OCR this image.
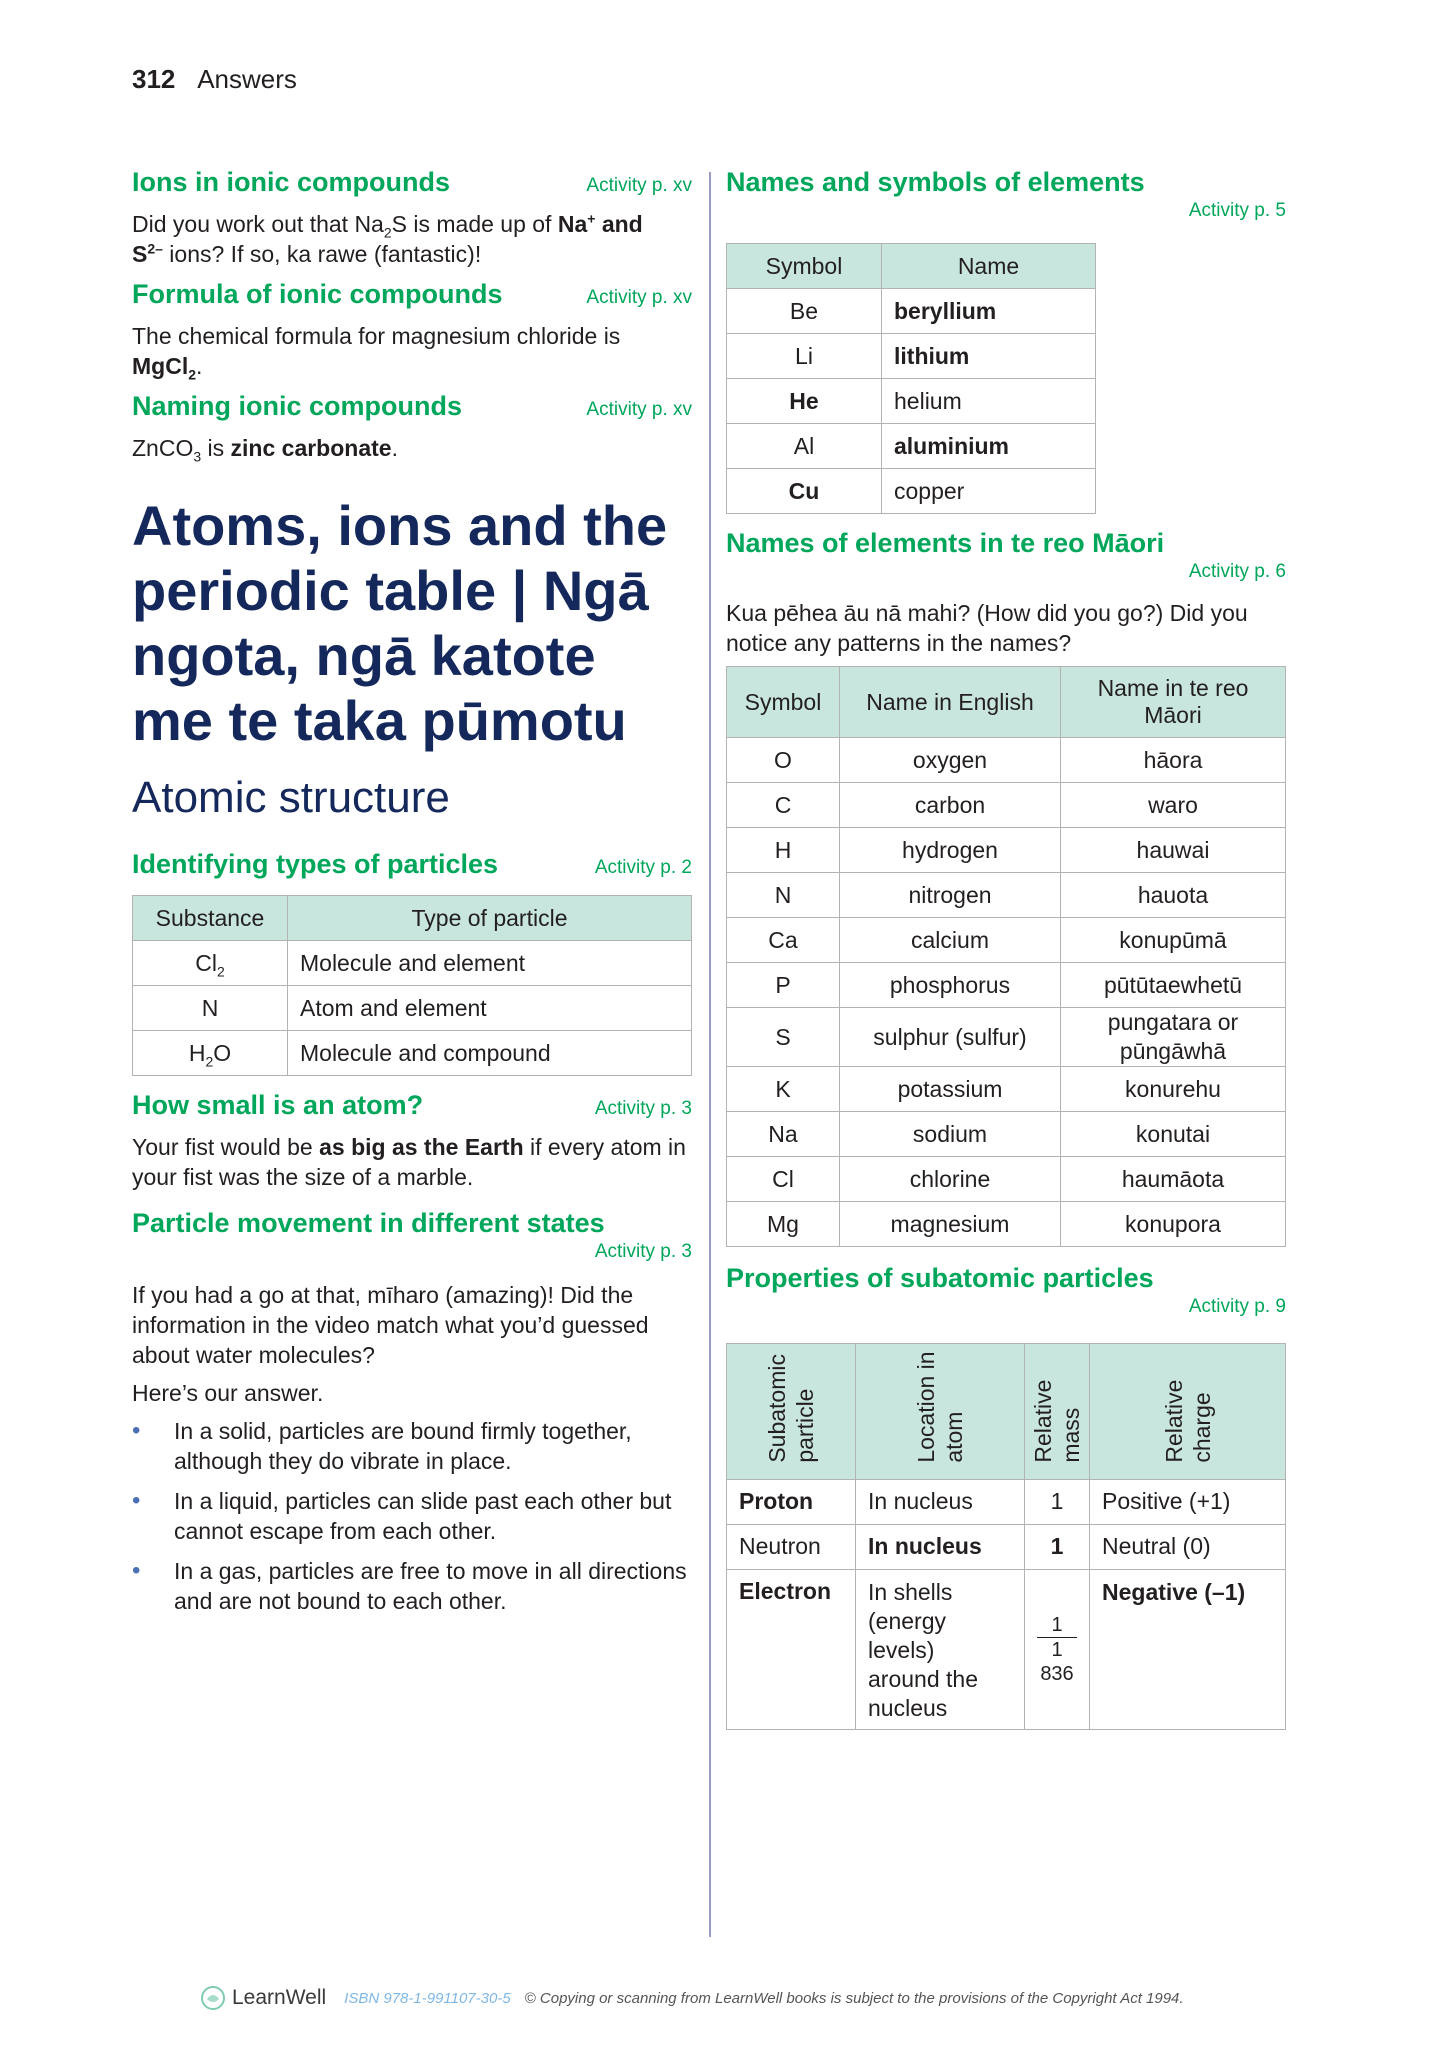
312 Answers
Ions in ionic compounds	Activity p. xv

Did you work out that $Na_2S$ is made up of Na+ and
$S^{2-}$ ions? If so, ka rawe (fantastic)!

Formula of ionic compounds	Activity p. xv

The chemical formula for magnesium chloride is
MgCl$_2$.

Naming ionic compounds	Activity p. xv

ZnCO$_3$ is zinc carbonate.

Atoms, ions and the periodic table | Ngā ngota, ngā katote me te taka pūmotu
Atomic structure
Identifying types of particles	Activity p. 2
Substance	Type of particle
$Cl_2$	Molecule and element
N	Atom and element
$H_2O$	Molecule and compound
How small is an atom?	Activity p. 3

Your fist would be as big as the Earth if every atom in your fist was the size of a marble.

Particle movement in different states
Activity p. 3

If you had a go at that, mīharo (amazing)! Did the information in the video match what you’d guessed about water molecules?

Here’s our answer.

• In a solid, particles are bound firmly together, although they do vibrate in place.
• In a liquid, particles can slide past each other but cannot escape from each other.
• In a gas, particles are free to move in all directions and are not bound to each other.
Names and symbols of elements
Activity p. 5
Symbol	Name
Be	beryllium
Li	lithium
He	helium
Al	aluminium
Cu	copper
Names of elements in te reo Māori
Activity p. 6

Kua pēhea āu nā mahi? (How did you go?) Did you notice any patterns in the names?

Symbol	Name in English	Name in te reo Māori
O	oxygen	hāora
C	carbon	waro
H	hydrogen	hauwai
N	nitrogen	hauota
Ca	calcium	konupūmā
P	phosphorus	pūtūtaewhetū
S	sulphur (sulfur)	pungatara or pūngāwhā
K	potassium	konurehu
Na	sodium	konutai
Cl	chlorine	haumāota
Mg	magnesium	konupora
Properties of subatomic particles
Activity p. 9
Subatomic particle	Location in atom	Relative mass	Relative charge
Proton	In nucleus	1	Positive (+1)
Neutron	In nucleus	1	Neutral (0)
Electron	In shells (energy levels) around the nucleus	$\frac{1}{1 836}$	Negative (–1)
LearnWell ISBN 978-1-991107-30-5 © Copying or scanning from LearnWell books is subject to the provisions of the Copyright Act 1994.
